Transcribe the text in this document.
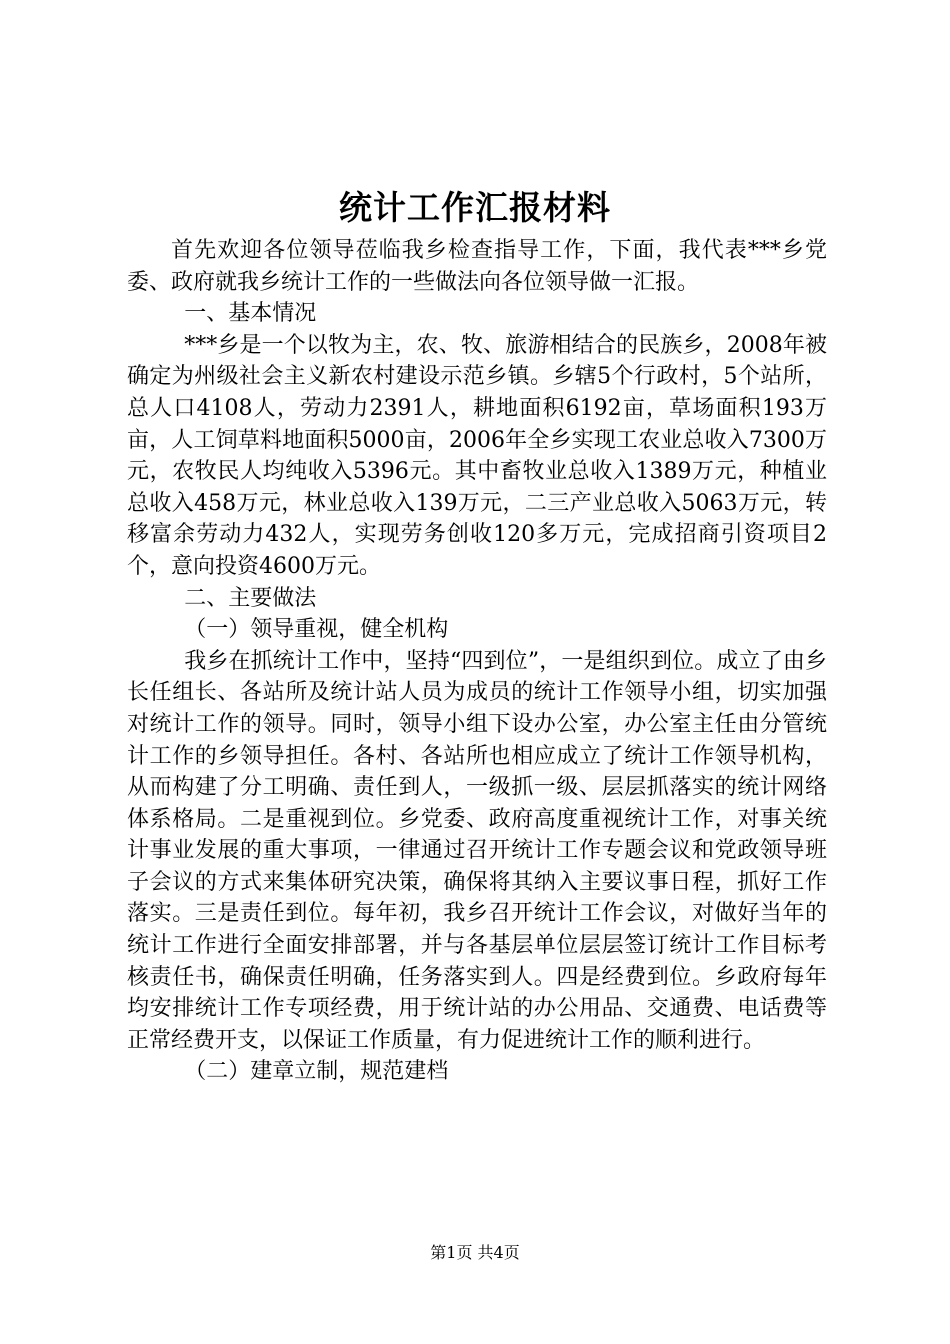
统计工作汇报材料

首先欢迎各位领导莅临我乡检查指导工作，下面，我代表***乡党委、政府就我乡统计工作的一些做法向各位领导做一汇报。

一、基本情况

***乡是一个以牧为主，农、牧、旅游相结合的民族乡，2008年被确定为州级社会主义新农村建设示范乡镇。乡辖5个行政村，5个站所，总人口4108人，劳动力2391人，耕地面积6192亩，草场面积193万亩，人工饲草料地面积5000亩，2006年全乡实现工农业总收入7300万元，农牧民人均纯收入5396元。其中畜牧业总收入1389万元，种植业总收入458万元，林业总收入139万元，二三产业总收入5063万元，转移富余劳动力432人，实现劳务创收120多万元，完成招商引资项目2个，意向投资4600万元。

二、主要做法

（一）领导重视，健全机构

我乡在抓统计工作中，坚持“四到位”，一是组织到位。成立了由乡长任组长、各站所及统计站人员为成员的统计工作领导小组，切实加强对统计工作的领导。同时，领导小组下设办公室，办公室主任由分管统计工作的乡领导担任。各村、各站所也相应成立了统计工作领导机构，从而构建了分工明确、责任到人，一级抓一级、层层抓落实的统计网络体系格局。二是重视到位。乡党委、政府高度重视统计工作，对事关统计事业发展的重大事项，一律通过召开统计工作专题会议和党政领导班子会议的方式来集体研究决策，确保将其纳入主要议事日程，抓好工作落实。三是责任到位。每年初，我乡召开统计工作会议，对做好当年的统计工作进行全面安排部署，并与各基层单位层层签订统计工作目标考核责任书，确保责任明确，任务落实到人。四是经费到位。乡政府每年均安排统计工作专项经费，用于统计站的办公用品、交通费、电话费等正常经费开支，以保证工作质量，有力促进统计工作的顺利进行。

（二）建章立制，规范建档

第1页 共4页
